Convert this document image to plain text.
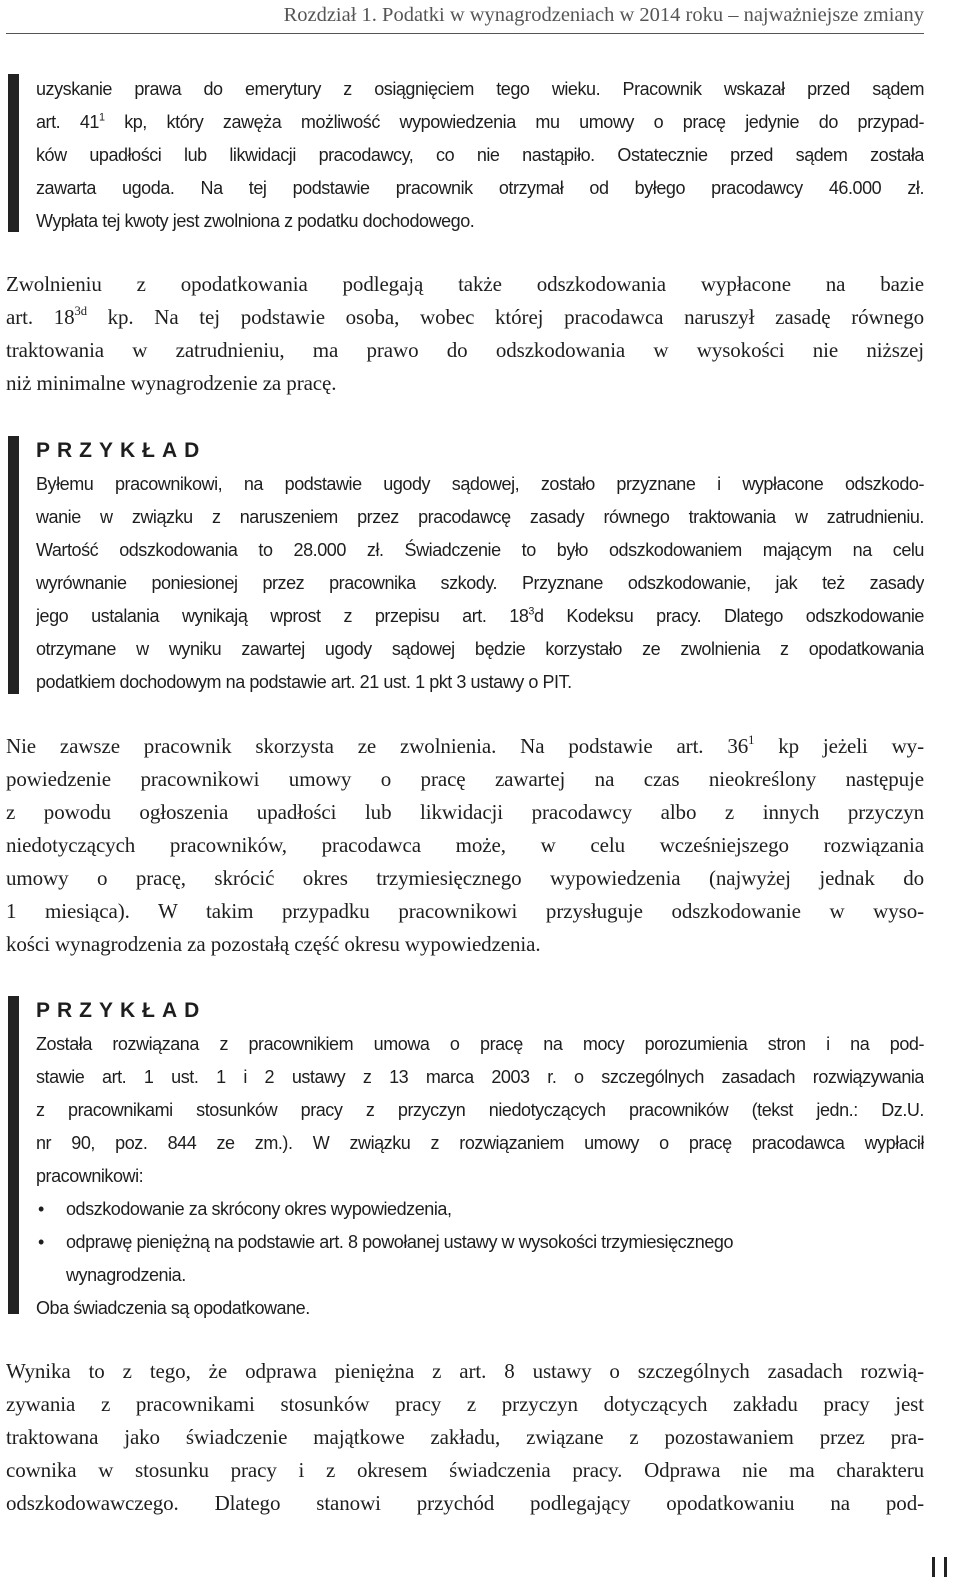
Rozdział 1. Podatki w wynagrodzeniach w 2014 roku – najważniejsze zmiany
uzyskanie prawa do emerytury z osiągnięciem tego wieku. Pracownik wskazał przed sądem
art. $41^1$ kp, który zawęża możliwość wypowiedzenia mu umowy o pracę jedynie do przypad-
ków upadłości lub likwidacji pracodawcy, co nie nastąpiło. Ostatecznie przed sądem została
zawarta ugoda. Na tej podstawie pracownik otrzymał od byłego pracodawcy 46.000 zł.
Wypłata tej kwoty jest zwolniona z podatku dochodowego.
Zwolnieniu z opodatkowania podlegają także odszkodowania wypłacone na bazie
art. $18^{3d}$ kp. Na tej podstawie osoba, wobec której pracodawca naruszył zasadę równego
traktowania w zatrudnieniu, ma prawo do odszkodowania w wysokości nie niższej
niż minimalne wynagrodzenie za pracę.
PRZYKŁAD
Byłemu pracownikowi, na podstawie ugody sądowej, zostało przyznane i wypłacone odszkodo-
wanie w związku z naruszeniem przez pracodawcę zasady równego traktowania w zatrudnieniu.
Wartość odszkodowania to 28.000 zł. Świadczenie to było odszkodowaniem mającym na celu
wyrównanie poniesionej przez pracownika szkody. Przyznane odszkodowanie, jak też zasady
jego ustalania wynikają wprost z przepisu art. $18^3d$ Kodeksu pracy. Dlatego odszkodowanie
otrzymane w wyniku zawartej ugody sądowej będzie korzystało ze zwolnienia z opodatkowania
podatkiem dochodowym na podstawie art. 21 ust. 1 pkt 3 ustawy o PIT.
Nie zawsze pracownik skorzysta ze zwolnienia. Na podstawie art. $36^1$ kp jeżeli wy-
powiedzenie pracownikowi umowy o pracę zawartej na czas nieokreślony następuje
z powodu ogłoszenia upadłości lub likwidacji pracodawcy albo z innych przyczyn
niedotyczących pracowników, pracodawca może, w celu wcześniejszego rozwiązania
umowy o pracę, skrócić okres trzymiesięcznego wypowiedzenia (najwyżej jednak do
1 miesiąca). W takim przypadku pracownikowi przysługuje odszkodowanie w wyso-
kości wynagrodzenia za pozostałą część okresu wypowiedzenia.
PRZYKŁAD
Została rozwiązana z pracownikiem umowa o pracę na mocy porozumienia stron i na pod-
stawie art. 1 ust. 1 i 2 ustawy z 13 marca 2003 r. o szczególnych zasadach rozwiązywania
z pracownikami stosunków pracy z przyczyn niedotyczących pracowników (tekst jedn.: Dz.U.
nr 90, poz. 844 ze zm.). W związku z rozwiązaniem umowy o pracę pracodawca wypłacił
pracownikowi:
• odszkodowanie za skrócony okres wypowiedzenia,
• odprawę pieniężną na podstawie art. 8 powołanej ustawy w wysokości trzymiesięcznego
wynagrodzenia.
Oba świadczenia są opodatkowane.
Wynika to z tego, że odprawa pieniężna z art. 8 ustawy o szczególnych zasadach rozwią-
zywania z pracownikami stosunków pracy z przyczyn dotyczących zakładu pracy jest
traktowana jako świadczenie majątkowe zakładu, związane z pozostawaniem przez pra-
cownika w stosunku pracy i z okresem świadczenia pracy. Odprawa nie ma charakteru
odszkodowawczego. Dlatego stanowi przychód podlegający opodatkowaniu na pod-
